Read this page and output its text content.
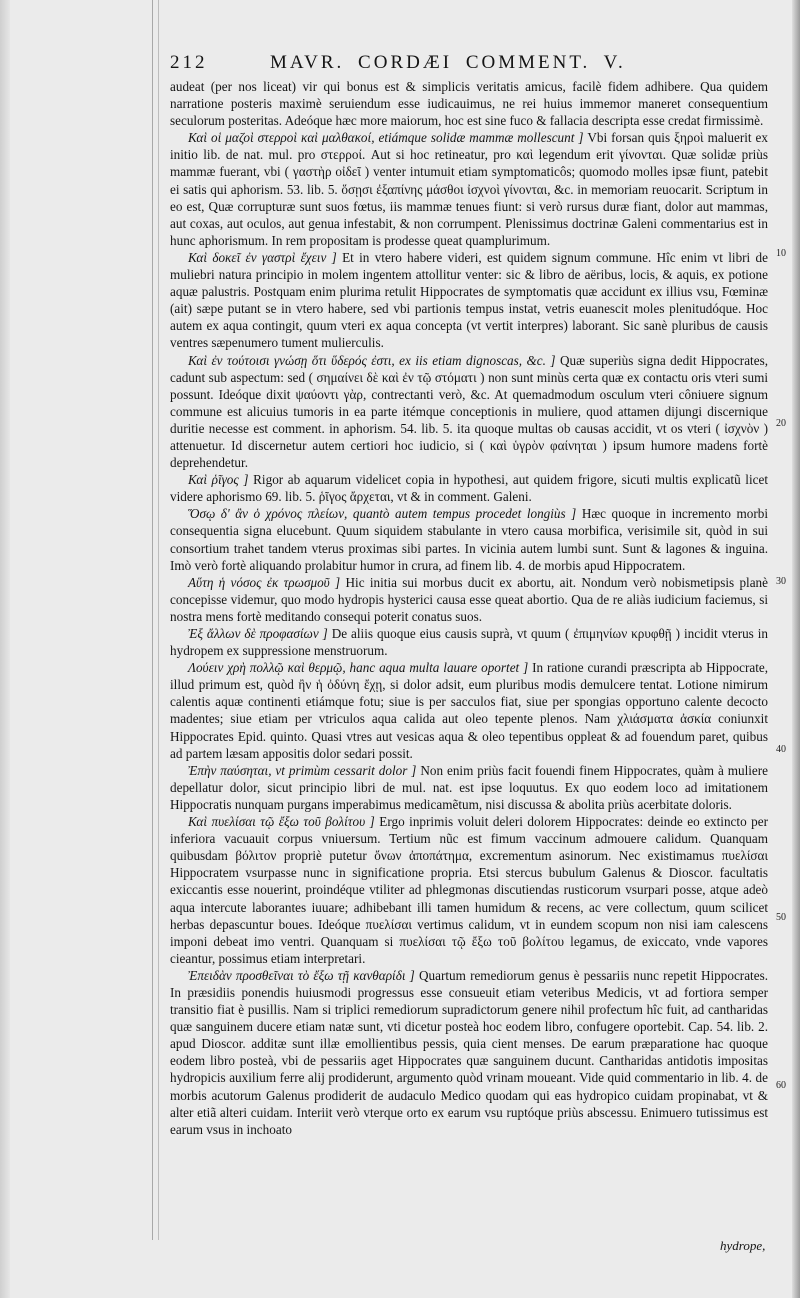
212	MAVR. CORDÆI COMMENT. V.

audeat (per nos liceat) vir qui bonus est & simplicis veritatis amicus, facilè fidem adhibere. Qua quidem narratione posteris maximè seruiendum esse iudicauimus, ne rei huius immemor maneret consequentium seculorum posteritas. Adeóque hæc more maiorum, hoc est sine fuco & fallacia descripta esse credat firmissimè.

Καὶ οἱ μαζοὶ στερροὶ καὶ μαλθακοί, etiámque solidæ mammæ mollescunt ] Vbi forsan quis ξηροὶ maluerit ex initio lib. de nat. mul. pro στερροί. Aut si hoc retineatur, pro καὶ legendum erit γίνονται. Quæ solidæ priùs mammæ fuerant, vbi ( γαστὴρ οἰδεῖ ) venter intumuit etiam symptomaticôs; quomodo molles ipsæ fiunt, patebit ei satis qui aphorism. 53. lib. 5. ὅσῃσι ἐξαπίνης μάσθοι ἰσχνοὶ γίνονται, &c. in memoriam reuocarit. Scriptum in eo est, Quæ corrupturæ sunt suos fœtus, iis mammæ tenues fiunt: si verò rursus duræ fiant, dolor aut mammas, aut coxas, aut oculos, aut genua infestabit, & non corrumpent. Plenissimus doctrinæ Galeni commentarius est in hunc aphorismum. In rem propositam is prodesse queat quamplurimum.

Καὶ δοκεῖ ἐν γαστρὶ ἔχειν ] Et in vtero habere videri, est quidem signum commune. Hîc enim vt libri de muliebri natura principio in molem ingentem attollitur venter: sic & libro de aëribus, locis, & aquis, ex potione aquæ palustris. Postquam enim plurima retulit Hippocrates de symptomatis quæ accidunt ex illius vsu, Fœminæ (ait) sæpe putant se in vtero habere, sed vbi partionis tempus instat, vetris euanescit moles plenitudóque. Hoc autem ex aqua contingit, quum vteri ex aqua concepta (vt vertit interpres) laborant. Sic sanè pluribus de causis ventres sæpenumero tument mulierculis.

Καὶ ἐν τούτοισι γνώσῃ ὅτι ὕδερός ἐστι, ex iis etiam dignoscas, &c. ] Quæ superiùs signa dedit Hippocrates, cadunt sub aspectum: sed ( σημαίνει δὲ καὶ ἐν τῷ στόματι ) non sunt minùs certa quæ ex contactu oris vteri sumi possunt. Ideóque dixit ψαύοντι γὰρ, contrectanti verò, &c. At quemadmodum osculum vteri côniuere signum commune est alicuius tumoris in ea parte itémque conceptionis in muliere, quod attamen dijungi discernique duritie necesse est comment. in aphorism. 54. lib. 5. ita quoque multas ob causas accidit, vt os vteri ( ἰσχνὸν ) attenuetur. Id discernetur autem certiori hoc iudicio, si ( καὶ ὑγρὸν φαίνηται ) ipsum humore madens fortè deprehendetur.

Καὶ ῥῖγος ] Rigor ab aquarum videlicet copia in hypothesi, aut quidem frigore, sicuti multis explicatũ licet videre aphorismo 69. lib. 5. ῥῖγος ἄρχεται, vt & in comment. Galeni.

Ὅσῳ δ' ἂν ὁ χρόνος πλείων, quantò autem tempus procedet longiùs ] Hæc quoque in incremento morbi consequentia signa elucebunt. Quum siquidem stabulante in vtero causa morbifica, verisimile sit, quòd in sui consortium trahet tandem vterus proximas sibi partes. In vicinia autem lumbi sunt. Sunt & lagones & inguina. Imò verò fortè aliquando prolabitur humor in crura, ad finem lib. 4. de morbis apud Hippocratem.

Αὕτη ἡ νόσος ἐκ τρωσμοῦ ] Hic initia sui morbus ducit ex abortu, ait. Nondum verò nobismetipsis planè concepisse videmur, quo modo hydropis hysterici causa esse queat abortio. Qua de re aliàs iudicium faciemus, si nostra mens fortè meditando consequi poterit conatus suos.

Ἐξ ἄλλων δὲ προφασίων ] De aliis quoque eius causis suprà, vt quum ( ἐπιμηνίων κρυφθῇ ) incidit vterus in hydropem ex suppressione menstruorum.

Λούειν χρὴ πολλῷ καὶ θερμῷ, hanc aqua multa lauare oportet ] In ratione curandi præscripta ab Hippocrate, illud primum est, quòd ἢν ἡ ὀδύνη ἔχῃ, si dolor adsit, eum pluribus modis demulcere tentat. Lotione nimirum calentis aquæ continenti etiámque fotu; siue is per sacculos fiat, siue per spongias opportuno calente decocto madentes; siue etiam per vtriculos aqua calida aut oleo tepente plenos. Nam χλιάσματα ἀσκία coniunxit Hippocrates Epid. quinto. Quasi vtres aut vesicas aqua & oleo tepentibus oppleat & ad fouendum paret, quibus ad partem læsam appositis dolor sedari possit.

Ἐπὴν παύσηται, vt primùm cessarit dolor ] Non enim priùs facit fouendi finem Hippocrates, quàm à muliere depellatur dolor, sicut principio libri de mul. nat. est ipse loquutus. Ex quo eodem loco ad imitationem Hippocratis nunquam purgans imperabimus medicamẽtum, nisi discussa & abolita priùs acerbitate doloris.

Καὶ πυελίσαι τῷ ἔξω τοῦ βολίτου ] Ergo inprimis voluit deleri dolorem Hippocrates: deinde eo extincto per inferiora vacuauit corpus vniuersum. Tertium nũc est fimum vaccinum admouere calidum. Quanquam quibusdam βόλιτον propriè putetur ὄνων ἀποπάτημα, excrementum asinorum. Nec existimamus πυελίσαι Hippocratem vsurpasse nunc in significatione propria. Etsi stercus bubulum Galenus & Dioscor. facultatis exiccantis esse nouerint, proindéque vtiliter ad phlegmonas discutiendas rusticorum vsurpari posse, atque adeò aqua intercute laborantes iuuare; adhibebant illi tamen humidum & recens, ac vere collectum, quum scilicet herbas depascuntur boues. Ideóque πυελίσαι vertimus calidum, vt in eundem scopum non nisi iam calescens imponi debeat imo ventri. Quanquam si πυελίσαι τῷ ἔξω τοῦ βολίτου legamus, de exiccato, vnde vapores cieantur, possimus etiam interpretari.

Ἐπειδὰν προσθεῖναι τὸ ἔξω τῇ κανθαρίδι ] Quartum remediorum genus è pessariis nunc repetit Hippocrates. In præsidiis ponendis huiusmodi progressus esse consueuit etiam veteribus Medicis, vt ad fortiora semper transitio fiat è pusillis. Nam si triplici remediorum supradictorum genere nihil profectum hîc fuit, ad cantharidas quæ sanguinem ducere etiam natæ sunt, vti dicetur posteà hoc eodem libro, confugere oportebit. Cap. 54. lib. 2. apud Dioscor. additæ sunt illæ emollientibus pessis, quia cient menses. De earum præparatione hac quoque eodem libro posteà, vbi de pessariis aget Hippocrates quæ sanguinem ducunt. Cantharidas antidotis impositas hydropicis auxilium ferre alij prodiderunt, argumento quòd vrinam moueant. Vide quid commentario in lib. 4. de morbis acutorum Galenus prodiderit de audaculo Medico quodam qui eas hydropico cuidam propinabat, vt & alter etiã alteri cuidam. Interiit verò vterque orto ex earum vsu ruptóque priùs abscessu. Enimuero tutissimus est earum vsus in inchoato

10
20
30
40
50
60
hydrope,
